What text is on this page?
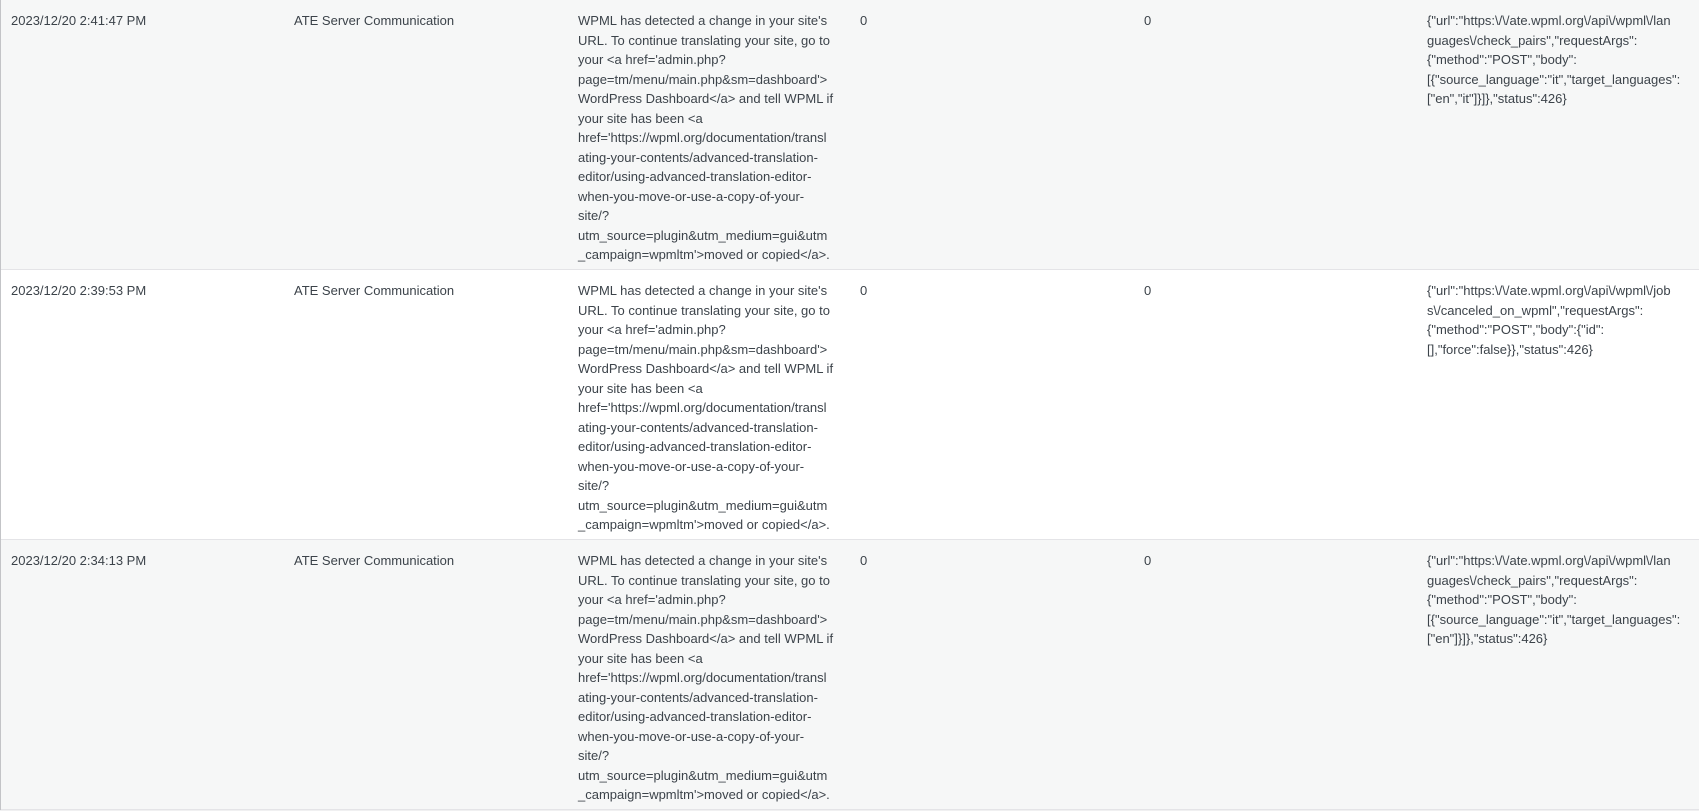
2023/12/20 2:41:47 PM	ATE Server Communication	WPML has detected a change in your site's
URL. To continue translating your site, go to
your <a href='admin.php?
page=tm/menu/main.php&sm=dashboard'>
WordPress Dashboard</a> and tell WPML if
your site has been <a
href='https://wpml.org/documentation/transl
ating-your-contents/advanced-translation-
editor/using-advanced-translation-editor-
when-you-move-or-use-a-copy-of-your-
site/?
utm_source=plugin&utm_medium=gui&utm
_campaign=wpmltm'>moved or copied</a>.
0	0	{"url":"https:\/\/ate.wpml.org\/api\/wpml\/lan
guages\/check_pairs","requestArgs":
{"method":"POST","body":
[{"source_language":"it","target_languages":
["en","it"]}]},"status":426}
2023/12/20 2:39:53 PM	ATE Server Communication	WPML has detected a change in your site's
URL. To continue translating your site, go to
your <a href='admin.php?
page=tm/menu/main.php&sm=dashboard'>
WordPress Dashboard</a> and tell WPML if
your site has been <a
href='https://wpml.org/documentation/transl
ating-your-contents/advanced-translation-
editor/using-advanced-translation-editor-
when-you-move-or-use-a-copy-of-your-
site/?
utm_source=plugin&utm_medium=gui&utm
_campaign=wpmltm'>moved or copied</a>.
0	0	{"url":"https:\/\/ate.wpml.org\/api\/wpml\/job
s\/canceled_on_wpml","requestArgs":
{"method":"POST","body":{"id":
[],"force":false}},"status":426}
2023/12/20 2:34:13 PM	ATE Server Communication	WPML has detected a change in your site's
URL. To continue translating your site, go to
your <a href='admin.php?
page=tm/menu/main.php&sm=dashboard'>
WordPress Dashboard</a> and tell WPML if
your site has been <a
href='https://wpml.org/documentation/transl
ating-your-contents/advanced-translation-
editor/using-advanced-translation-editor-
when-you-move-or-use-a-copy-of-your-
site/?
utm_source=plugin&utm_medium=gui&utm
_campaign=wpmltm'>moved or copied</a>.
0	0	{"url":"https:\/\/ate.wpml.org\/api\/wpml\/lan
guages\/check_pairs","requestArgs":
{"method":"POST","body":
[{"source_language":"it","target_languages":
["en"]}]},"status":426}
